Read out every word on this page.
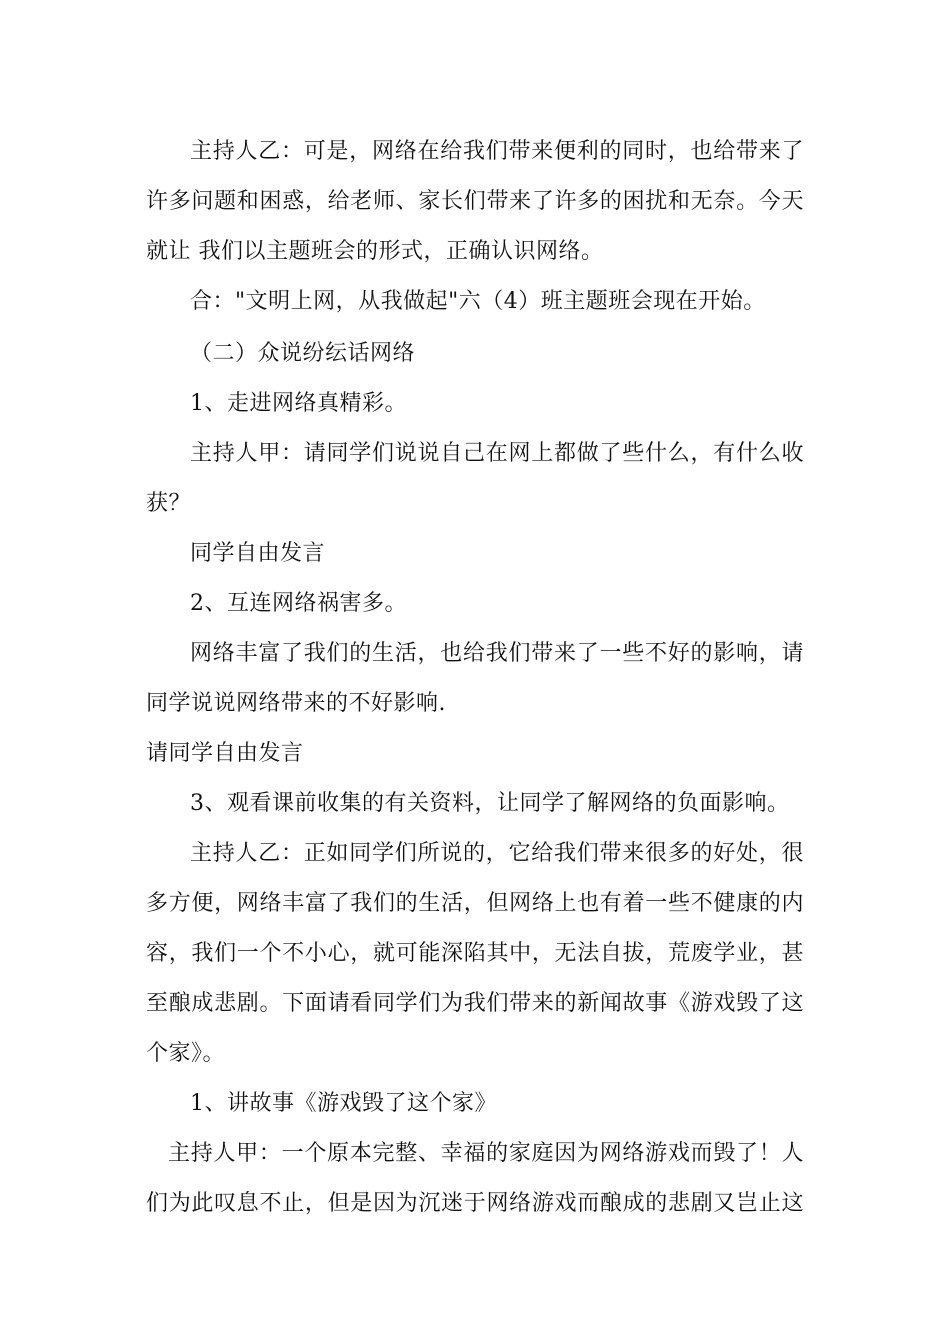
主持人乙：可是，网络在给我们带来便利的同时，也给带来了
许多问题和困惑，给老师、家长们带来了许多的困扰和无奈。今天
就让 我们以主题班会的形式，正确认识网络。
合："文明上网，从我做起"六（4）班主题班会现在开始。
（二）众说纷纭话网络
1、走进网络真精彩。
主持人甲：请同学们说说自己在网上都做了些什么，有什么收
获？
同学自由发言
2、互连网络祸害多。
网络丰富了我们的生活，也给我们带来了一些不好的影响，请
同学说说网络带来的不好影响.
请同学自由发言
3、观看课前收集的有关资料，让同学了解网络的负面影响。
主持人乙：正如同学们所说的，它给我们带来很多的好处，很
多方便，网络丰富了我们的生活，但网络上也有着一些不健康的内
容，我们一个不小心，就可能深陷其中，无法自拔，荒废学业，甚
至酿成悲剧。下面请看同学们为我们带来的新闻故事《游戏毁了这
个家》。
1、讲故事《游戏毁了这个家》
主持人甲：一个原本完整、幸福的家庭因为网络游戏而毁了！人
们为此叹息不止，但是因为沉迷于网络游戏而酿成的悲剧又岂止这
